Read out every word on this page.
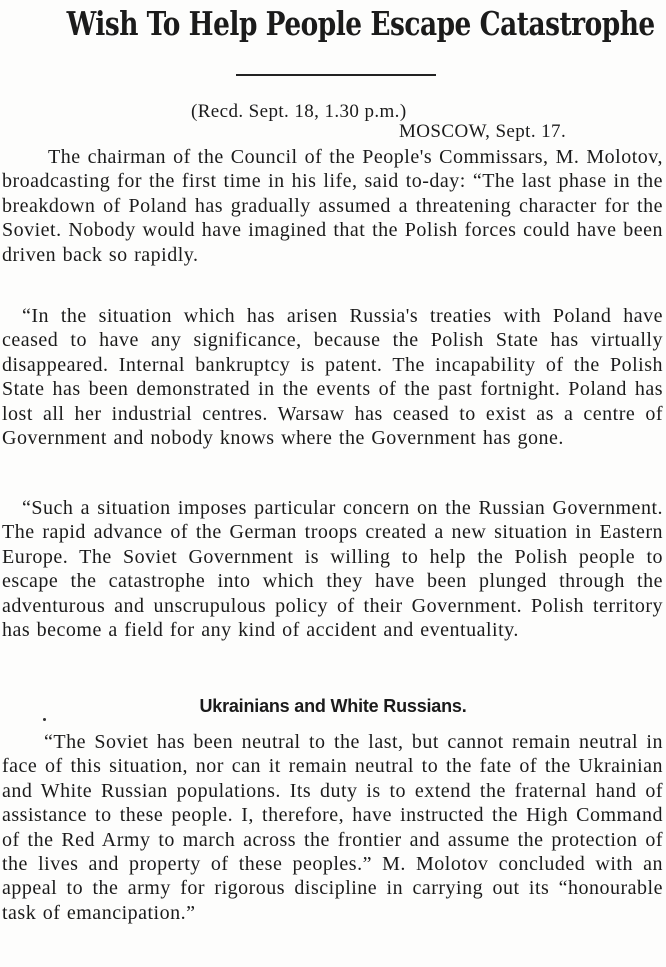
Wish To Help People Escape Catastrophe

(Recd. Sept. 18, 1.30 p.m.)

MOSCOW, Sept. 17.

The chairman of the Council of the People's Commissars, M. Molotov, broadcasting for the first time in his life, said to-day: “The last phase in the breakdown of Poland has gradually assumed a threatening character for the Soviet. Nobody would have imagined that the Polish forces could have been driven back so rapidly.

“In the situation which has arisen Russia's treaties with Poland have ceased to have any significance, because the Polish State has virtually disappeared. Internal bankruptcy is patent. The incapability of the Polish State has been demonstrated in the events of the past fortnight. Poland has lost all her industrial centres. Warsaw has ceased to exist as a centre of Government and nobody knows where the Government has gone.

“Such a situation imposes particular concern on the Russian Government. The rapid advance of the German troops created a new situation in Eastern Europe. The Soviet Government is willing to help the Polish people to escape the catastrophe into which they have been plunged through the adventurous and unscrupulous policy of their Government. Polish territory has become a field for any kind of accident and eventuality.

Ukrainians and White Russians.

“The Soviet has been neutral to the last, but cannot remain neutral in face of this situation, nor can it remain neutral to the fate of the Ukrainian and White Russian populations. Its duty is to extend the fraternal hand of assistance to these people. I, therefore, have instructed the High Command of the Red Army to march across the frontier and assume the protection of the lives and property of these peoples.” M. Molotov concluded with an appeal to the army for rigorous discipline in carrying out its “honourable task of emancipation.”
